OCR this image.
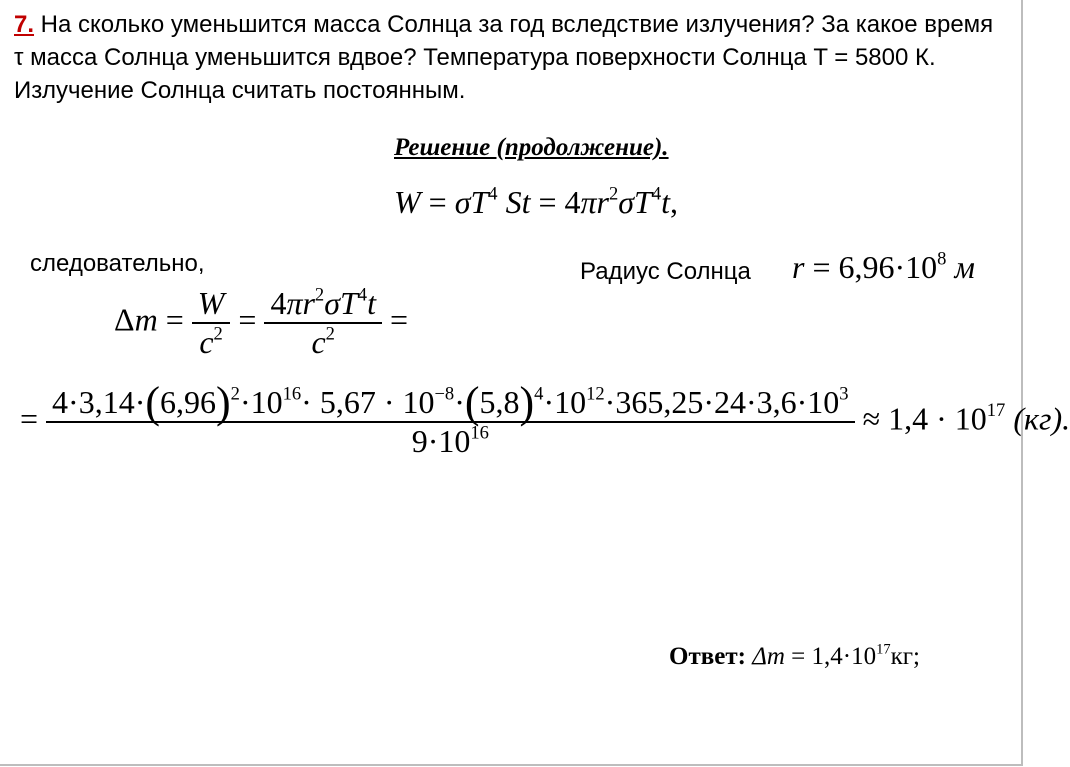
7. На сколько уменьшится масса Солнца за год вследствие излучения? За какое время τ масса Солнца уменьшится вдвое? Температура поверхности Солнца T = 5800 К. Излучение Солнца считать постоянным.
Решение (продолжение).
$W = \sigma T^4$ $St = 4\pi r^2\sigma T^4t$,
следовательно,	Радиус Солнца $r = 6,96\cdot 10^8$ м
$\Delta m = \frac{W}{c^2} = \frac{4\pi r^2\sigma T^4t}{c^2}$ =
= $4\cdot 3,14\cdot(6,96)^2\cdot 10^{16}\cdot 5,67 \cdot 10^{-8}\cdot(5,8)^4\cdot 10^{12}\cdot 365,25\cdot 24\cdot 3,6\cdot 10^3$
$9\cdot 10^{16}$	≈ $1,4 \cdot 10^{17}$ (кг).
Ответ: $\Delta m = 1,4\cdot 10^{17}кг$;
